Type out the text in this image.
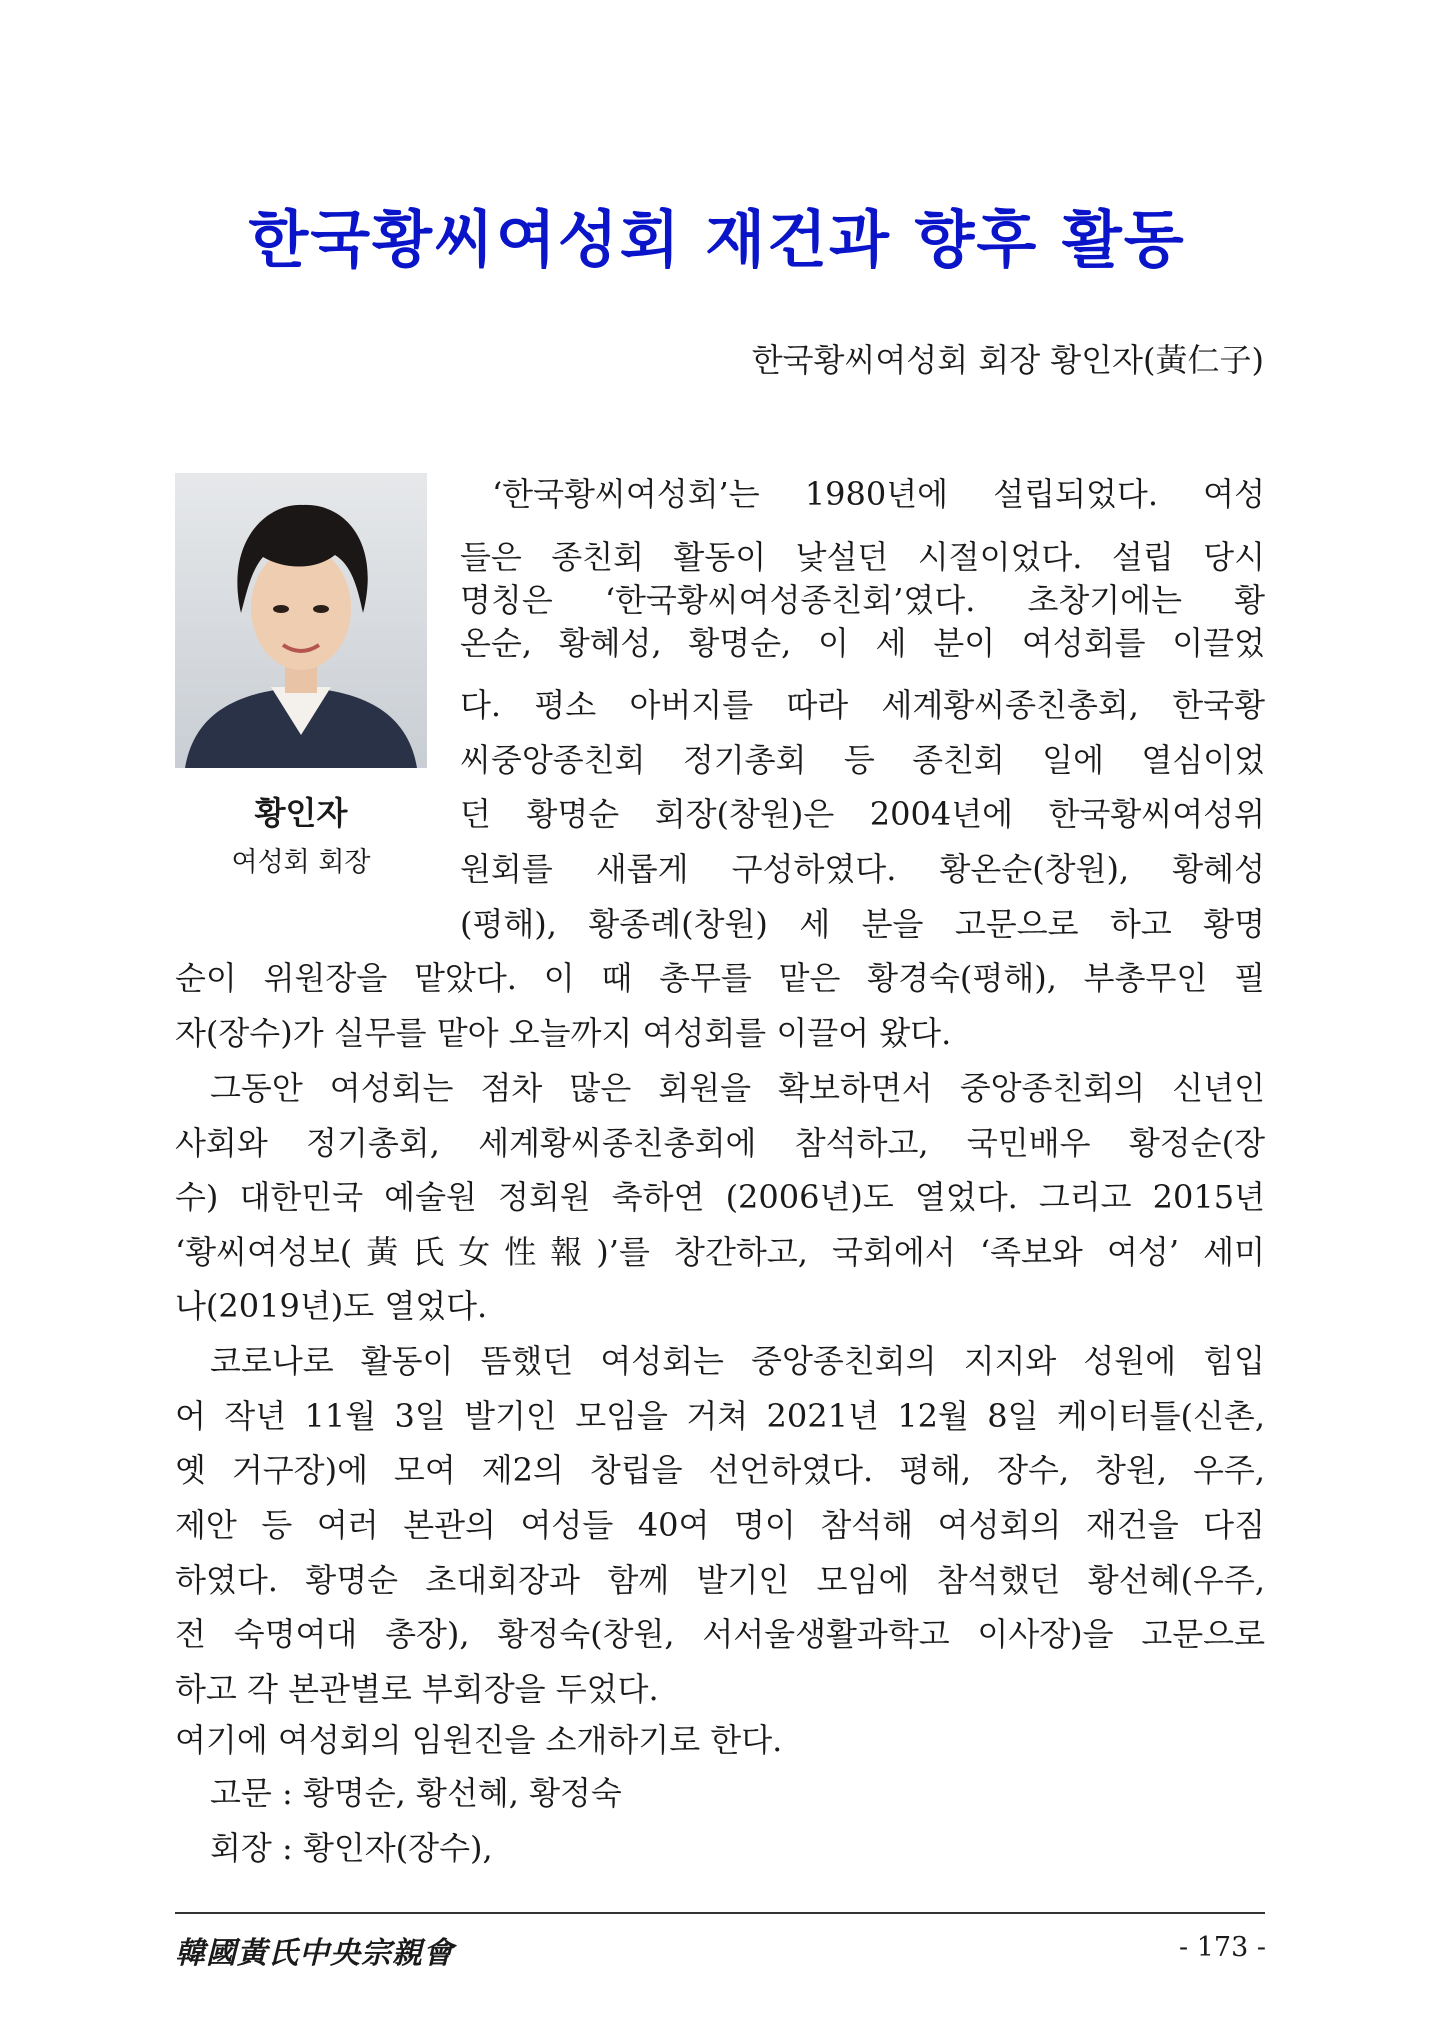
한국황씨여성회 재건과 향후 활동
한국황씨여성회 회장 황인자(黃仁子)
황인자
여성회 회장
‘한국황씨여성회’는 1980년에 설립되었다. 여성
들은 종친회 활동이 낯설던 시절이었다. 설립 당시
명칭은 ‘한국황씨여성종친회’였다. 초창기에는 황
온순, 황혜성, 황명순, 이 세 분이 여성회를 이끌었
다. 평소 아버지를 따라 세계황씨종친총회, 한국황
씨중앙종친회 정기총회 등 종친회 일에 열심이었
던 황명순 회장(창원)은 2004년에 한국황씨여성위
원회를 새롭게 구성하였다. 황온순(창원), 황혜성
(평해), 황종례(창원) 세 분을 고문으로 하고 황명
순이 위원장을 맡았다. 이 때 총무를 맡은 황경숙(평해), 부총무인 필
자(장수)가 실무를 맡아 오늘까지 여성회를 이끌어 왔다.
그동안 여성회는 점차 많은 회원을 확보하면서 중앙종친회의 신년인
사회와 정기총회, 세계황씨종친총회에 참석하고, 국민배우 황정순(장
수) 대한민국 예술원 정회원 축하연 (2006년)도 열었다. 그리고 2015년
‘황씨여성보(黃氏女性報)’를 창간하고, 국회에서 ‘족보와 여성’ 세미
나(2019년)도 열었다.
코로나로 활동이 뜸했던 여성회는 중앙종친회의 지지와 성원에 힘입
어 작년 11월 3일 발기인 모임을 거쳐 2021년 12월 8일 케이터틀(신촌,
옛 거구장)에 모여 제2의 창립을 선언하였다. 평해, 장수, 창원, 우주,
제안 등 여러 본관의 여성들 40여 명이 참석해 여성회의 재건을 다짐
하였다. 황명순 초대회장과 함께 발기인 모임에 참석했던 황선혜(우주,
전 숙명여대 총장), 황정숙(창원, 서서울생활과학고 이사장)을 고문으로
하고 각 본관별로 부회장을 두었다.
여기에 여성회의 임원진을 소개하기로 한다.
고문 : 황명순, 황선혜, 황정숙
회장 : 황인자(장수),
韓國黃氏中央宗親會	- 173 -
